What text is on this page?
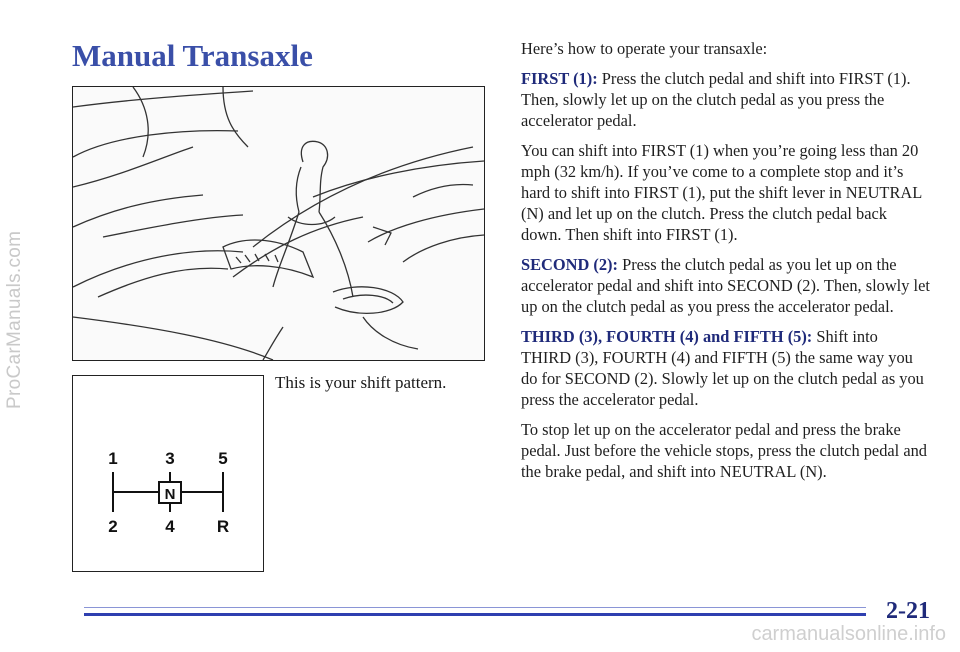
ProCarManuals.com
Manual Transaxle
1	3	5
2	4 R
N
This is your shift pattern.

Here’s how to operate your transaxle:

FIRST (1): Press the clutch pedal and shift into FIRST (1). Then, slowly let up on the clutch pedal as you press the accelerator pedal.

You can shift into FIRST (1) when you’re going less than 20 mph (32 km/h). If you’ve come to a complete stop and it’s hard to shift into FIRST (1), put the shift lever in NEUTRAL (N) and let up on the clutch. Press the clutch pedal back down. Then shift into FIRST (1).

SECOND (2): Press the clutch pedal as you let up on the accelerator pedal and shift into SECOND (2). Then, slowly let up on the clutch pedal as you press the accelerator pedal.

THIRD (3), FOURTH (4) and FIFTH (5): Shift into THIRD (3), FOURTH (4) and FIFTH (5) the same way you do for SECOND (2). Slowly let up on the clutch pedal as you press the accelerator pedal.

To stop let up on the accelerator pedal and press the brake pedal. Just before the vehicle stops, press the clutch pedal and the brake pedal, and shift into NEUTRAL (N).

2-21
carmanualsonline.info
